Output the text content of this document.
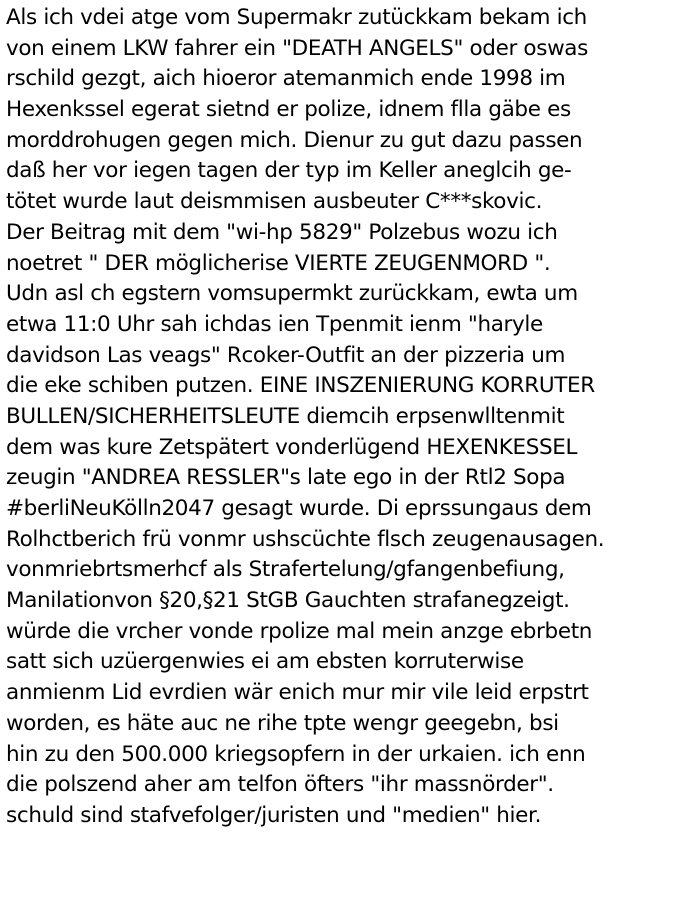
Als ich vdei atge vom Supermakr zutückkam bekam ich
von einem LKW fahrer ein "DEATH ANGELS" oder oswas
rschild gezgt, aich hioeror atemanmich ende 1998 im
Hexenkssel egerat sietnd er polize, idnem flla gäbe es
morddrohugen gegen mich. Dienur zu gut dazu passen
daß her vor iegen tagen der typ im Keller aneglcih ge-
tötet wurde laut deismmisen ausbeuter C***skovic.
Der Beitrag mit dem "wi-hp 5829" Polzebus wozu ich
noetret " DER möglicherise VIERTE ZEUGENMORD ".
Udn asl ch egstern vomsupermkt zurückkam, ewta um
etwa 11:0 Uhr sah ichdas ien Tpenmit ienm "haryle
davidson Las veags" Rcoker-Outfit an der pizzeria um
die eke schiben putzen. EINE INSZENIERUNG KORRUTER
BULLEN/SICHERHEITSLEUTE diemcih erpsenwlltenmit
dem was kure Zetspätert vonderlügend HEXENKESSEL
zeugin "ANDREA RESSLER"s late ego in der Rtl2 Sopa
#berliNeuKölln2047 gesagt wurde. Di eprssungaus dem
Rolhctberich frü vonmr ushscüchte flsch zeugenausagen.
vonmriebrtsmerhcf als Strafertelung/gfangenbefiung,
Manilationvon §20,§21 StGB Gauchten strafanegzeigt.
würde die vrcher vonde rpolize mal mein anzge ebrbetn
satt sich uzüergenwies ei am ebsten korruterwise
anmienm Lid evrdien wär enich mur mir vile leid erpstrt
worden, es häte auc ne rihe tpte wengr geegebn, bsi
hin zu den 500.000 kriegsopfern in der urkaien. ich enn
die polszend aher am telfon öfters "ihr massnörder".
schuld sind stafvefolger/juristen und "medien" hier.
